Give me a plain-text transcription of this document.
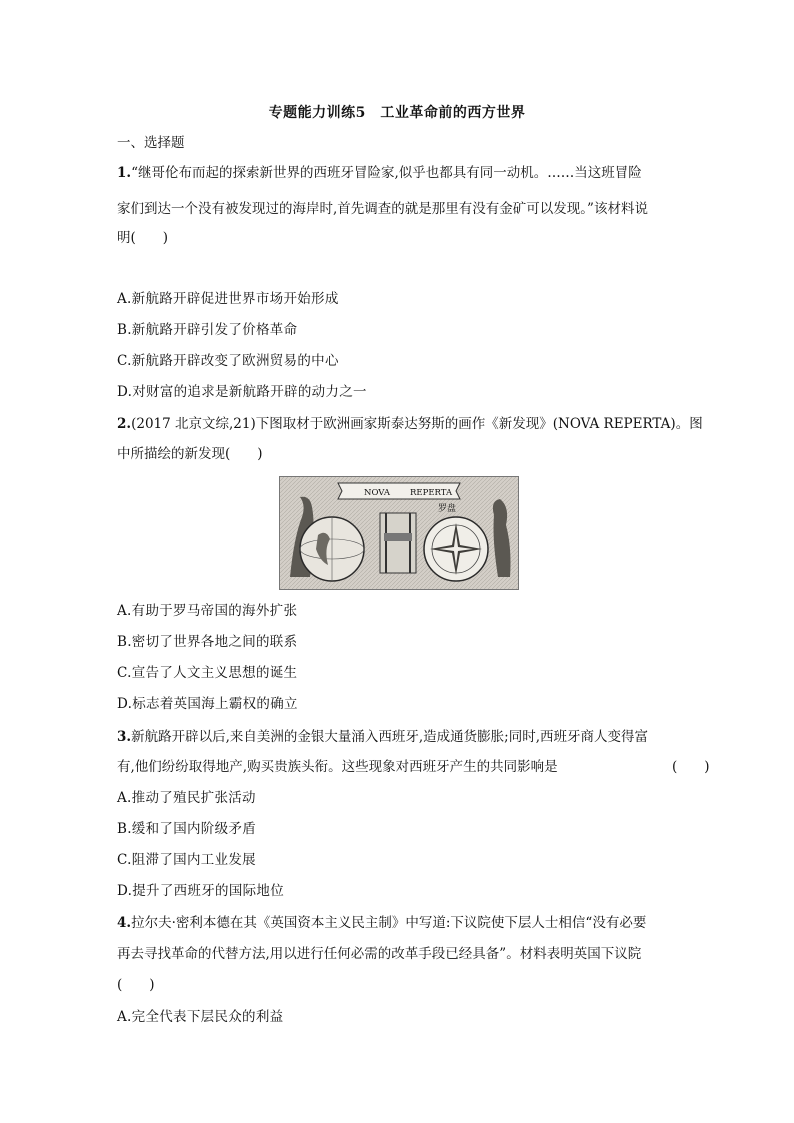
专题能力训练5　工业革命前的西方世界
一、选择题
1.“继哥伦布而起的探索新世界的西班牙冒险家,似乎也都具有同一动机。……当这班冒险
家们到达一个没有被发现过的海岸时,首先调查的就是那里有没有金矿可以发现。”该材料说
明(　　)
A.新航路开辟促进世界市场开始形成
B.新航路开辟引发了价格革命
C.新航路开辟改变了欧洲贸易的中心
D.对财富的追求是新航路开辟的动力之一
2.(2017 北京文综,21)下图取材于欧洲画家斯泰达努斯的画作《新发现》(NOVA REPERTA)。图
中所描绘的新发现(　　)
NOVA REPERTA
罗盘
A.有助于罗马帝国的海外扩张
B.密切了世界各地之间的联系
C.宣告了人文主义思想的诞生
D.标志着英国海上霸权的确立
3.新航路开辟以后,来自美洲的金银大量涌入西班牙,造成通货膨胀;同时,西班牙商人变得富
有,他们纷纷取得地产,购买贵族头衔。这些现象对西班牙产生的共同影响是	(　　)
A.推动了殖民扩张活动
B.缓和了国内阶级矛盾
C.阻滞了国内工业发展
D.提升了西班牙的国际地位
4.拉尔夫·密利本德在其《英国资本主义民主制》中写道:下议院使下层人士相信“没有必要
再去寻找革命的代替方法,用以进行任何必需的改革手段已经具备”。材料表明英国下议院
(　　)
A.完全代表下层民众的利益
